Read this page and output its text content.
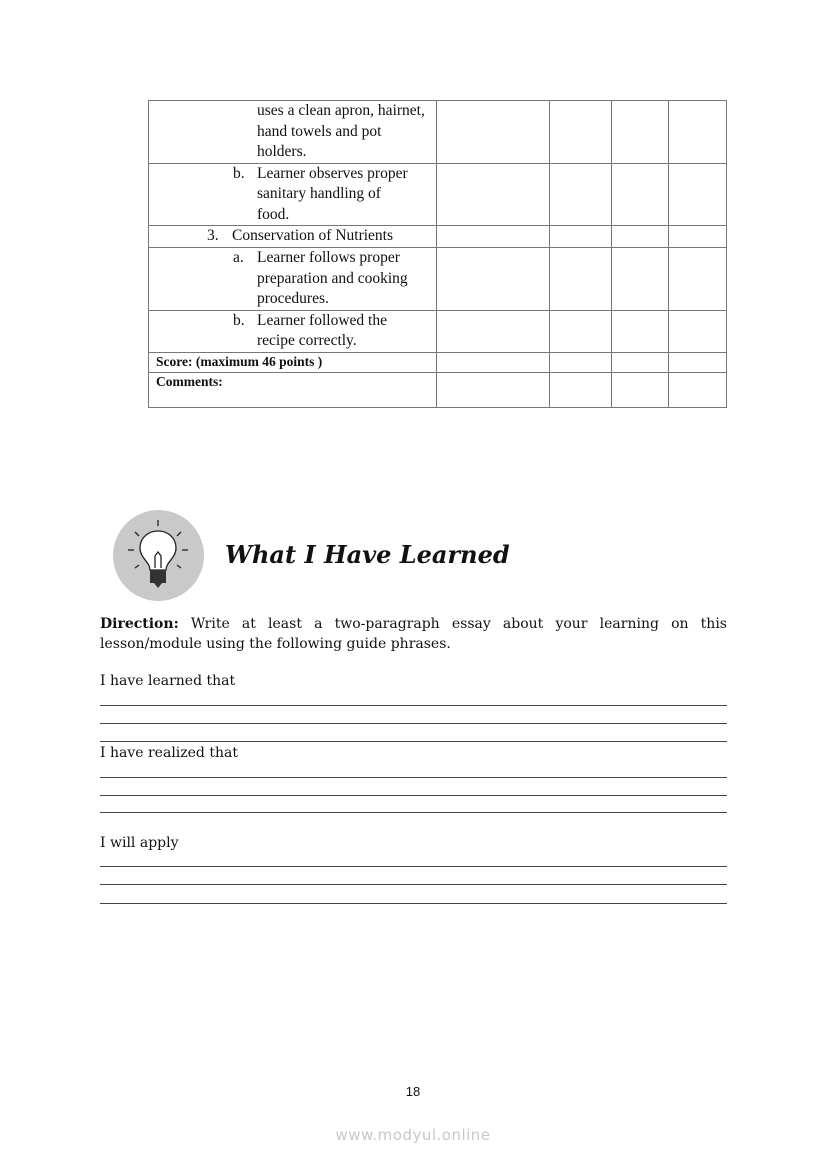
uses a clean apron, hairnet, hand towels and pot holders.				

b. Learner observes proper sanitary handling of food.				

3. Conservation of Nutrients				

a. Learner follows proper preparation and cooking procedures.				

b. Learner followed the recipe correctly.				

Score: (maximum 46 points )				

Comments:				

What I Have Learned
Direction: Write at least a two-paragraph essay about your learning on this lesson/module using the following guide phrases.
I have learned that
I have realized that
I will apply
18
www.modyul.online
